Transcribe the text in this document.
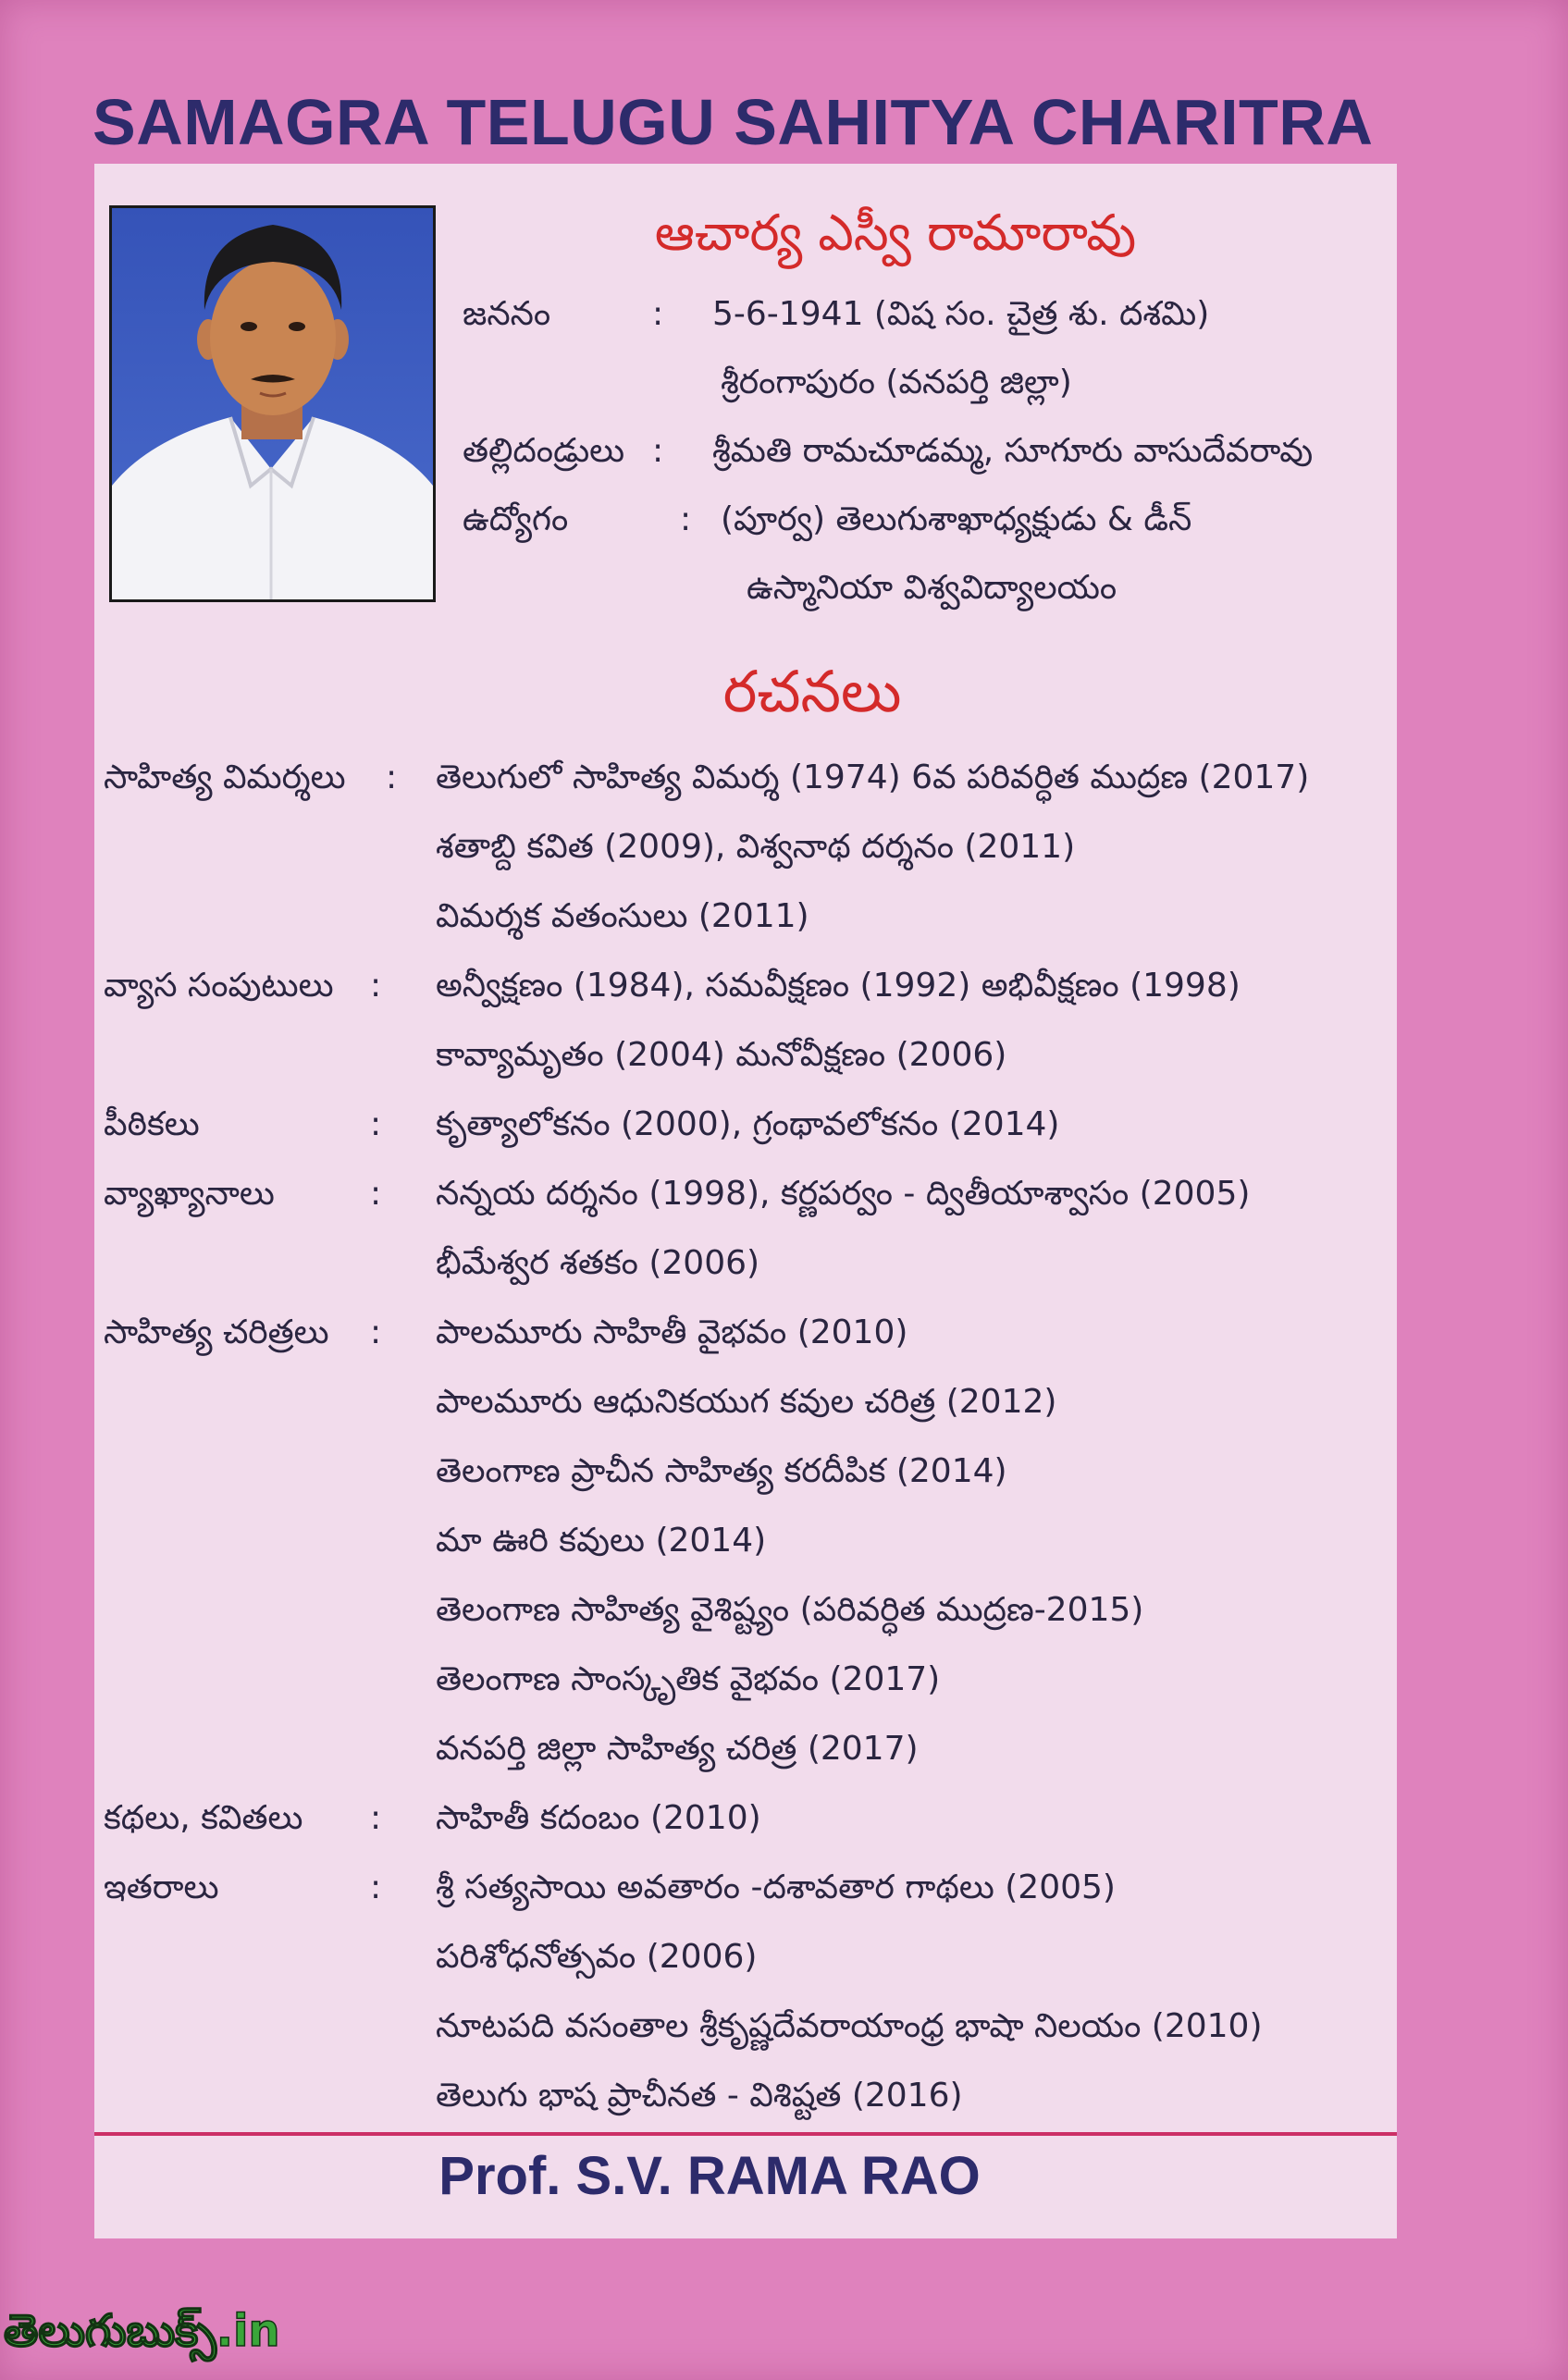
SAMAGRA TELUGU SAHITYA CHARITRA
ఆచార్య ఎస్వీ రామారావు
జననం	:	5-6-1941 (విష సం. చైత్ర శు. దశమి)
శ్రీరంగాపురం (వనపర్తి జిల్లా)
తల్లిదండ్రులు :	శ్రీమతి రామచూడమ్మ, సూగూరు వాసుదేవరావు
ఉద్యోగం	: (పూర్వ) తెలుగుశాఖాధ్యక్షుడు & డీన్
ఉస్మానియా విశ్వవిద్యాలయం
రచనలు
సాహిత్య విమర్శలు	:	తెలుగులో సాహిత్య విమర్శ (1974) 6వ పరివర్ధిత ముద్రణ (2017)
శతాబ్ది కవిత (2009), విశ్వనాథ దర్శనం (2011)
విమర్శక వతంసులు (2011)
వ్యాస సంపుటులు	:	అన్వీక్షణం (1984), సమవీక్షణం (1992) అభివీక్షణం (1998)
కావ్యామృతం (2004) మనోవీక్షణం (2006)
పీఠికలు	:	కృత్యాలోకనం (2000), గ్రంథావలోకనం (2014)
వ్యాఖ్యానాలు	:	నన్నయ దర్శనం (1998), కర్ణపర్వం - ద్వితీయాశ్వాసం (2005)
భీమేశ్వర శతకం (2006)
సాహిత్య చరిత్రలు	:	పాలమూరు సాహితీ వైభవం (2010)
పాలమూరు ఆధునికయుగ కవుల చరిత్ర (2012)
తెలంగాణ ప్రాచీన సాహిత్య కరదీపిక (2014)
మా ఊరి కవులు (2014)
తెలంగాణ సాహిత్య వైశిష్ట్యం (పరివర్ధిత ముద్రణ-2015)
తెలంగాణ సాంస్కృతిక వైభవం (2017)
వనపర్తి జిల్లా సాహిత్య చరిత్ర (2017)
కథలు, కవితలు	:	సాహితీ కదంబం (2010)
ఇతరాలు	:	శ్రీ సత్యసాయి అవతారం -దశావతార గాథలు (2005)
పరిశోధనోత్సవం (2006)
నూటపది వసంతాల శ్రీకృష్ణదేవరాయాంధ్ర భాషా నిలయం (2010)
తెలుగు భాష ప్రాచీనత - విశిష్టత (2016)
Prof. S.V. RAMA RAO
తెలుగుబుక్స్.in
